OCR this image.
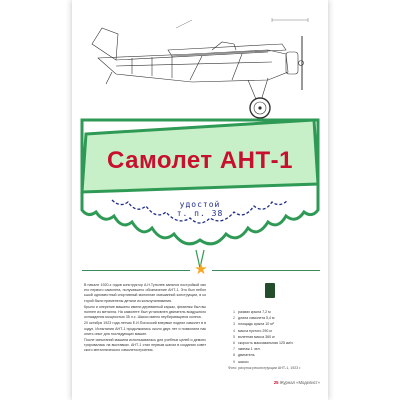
Самолет АНТ-1
удостой
т. п. 38
★

В начале 1920-х годов конструктор А.Н.Туполев занялся постройкой своего первого самолета, получившего обозначение АНТ-1. Это был небольшой одноместный спортивный моноплан смешанной конструкции, в которой были применены детали из кольчугалюминия.

Крыло и оперение машины имели деревянный каркас, фюзеляж был выполнен из металла. На самолете был установлен двигатель воздушного охлаждения мощностью 35 л.с. Шасси имело неубирающиеся колеса.

20 октября 1923 года летчик Е.И.Погосский впервые поднял самолет в воздух. Испытания АНТ-1 продолжались около двух лет и позволили накопить опыт для последующих машин.

После испытаний машина использовалась для учебных целей и демонстрировалась на выставках. АНТ-1 стал первым шагом в создании советского металлического самолетостроения.

1 размах крыла 7,2 м
2 длина самолета 5,4 м
3 площадь крыла 10 м²
4 масса пустого 290 кг
5 взлетная масса 360 кг
6 скорость максимальная 125 км/ч
7 экипаж 1 чел.
8 двигатель
9 шасси
Фото: рисунок реконструкции АНТ-1, 1923 г.
25 Журнал «Моделист»
